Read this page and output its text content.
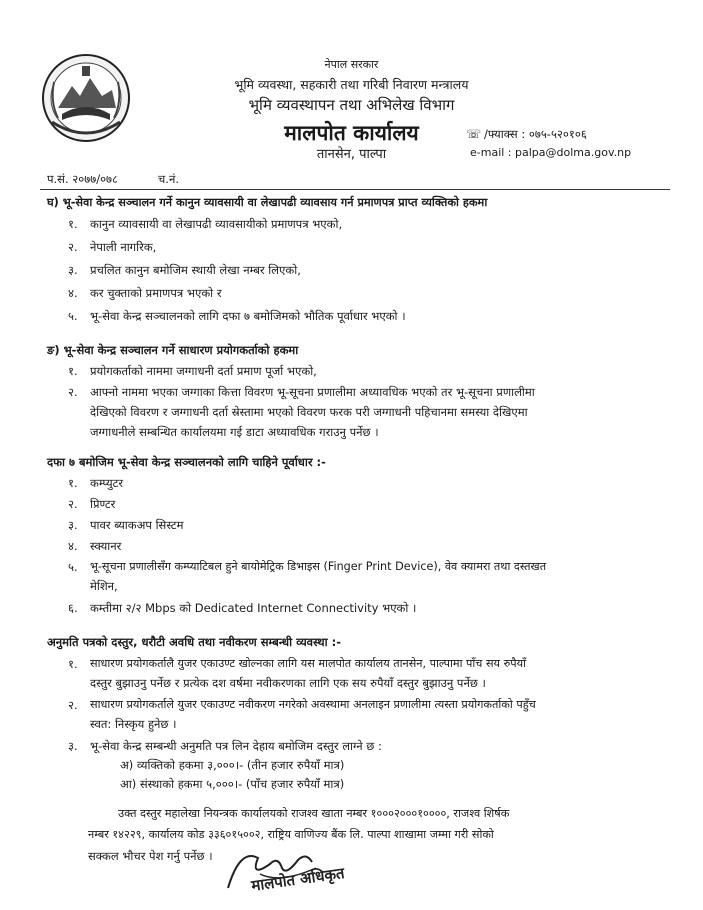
नेपाल सरकार
भूमि व्यवस्था, सहकारी तथा गरिबी निवारण मन्त्रालय
भूमि व्यवस्थापन तथा अभिलेख विभाग
मालपोत कार्यालय
तानसेन, पाल्पा
☏ /फ्याक्स : ०७५-५२०१०६
e-mail : palpa@dolma.gov.np
प.सं. २०७७/०७८	च.नं.
घ) भू-सेवा केन्द्र सञ्चालन गर्ने कानुन व्यावसायी वा लेखापढी व्यावसाय गर्न प्रमाणपत्र प्राप्त व्यक्तिको हकमा
१. कानुन व्यावसायी वा लेखापढी व्यावसायीको प्रमाणपत्र भएको,
२. नेपाली नागरिक,
३. प्रचलित कानुन बमोजिम स्थायी लेखा नम्बर लिएको,
४. कर चुक्ताको प्रमाणपत्र भएको र
५. भू-सेवा केन्द्र सञ्चालनको लागि दफा ७ बमोजिमको भौतिक पूर्वाधार भएको ।
ङ) भू-सेवा केन्द्र सञ्चालन गर्ने साधारण प्रयोगकर्ताको हकमा
१. प्रयोगकर्ताको नाममा जग्गाधनी दर्ता प्रमाण पूर्जा भएको,
२. आफ्नो नाममा भएका जग्गाका कित्ता विवरण भू-सूचना प्रणालीमा अध्यावधिक भएको तर भू-सूचना प्रणालीमा
देखिएको विवरण र जग्गाधनी दर्ता स्रेस्तामा भएको विवरण फरक परी जग्गाधनी पहिचानमा समस्या देखिएमा
जग्गाधनीले सम्बन्धित कार्यालयमा गई डाटा अध्यावधिक गराउनु पर्नेछ ।
दफा ७ बमोजिम भू-सेवा केन्द्र सञ्चालनको लागि चाहिने पूर्वाधार :-
१. कम्प्युटर
२. प्रिण्टर
३. पावर ब्याकअप सिस्टम
४. स्क्यानर
५. भू-सूचना प्रणालीसँग कम्प्याटिबल हुने बायोमेट्रिक डिभाइस (Finger Print Device), वेव क्यामरा तथा दस्तखत
मेशिन,
६. कम्तीमा २/२ Mbps को Dedicated Internet Connectivity भएको ।
अनुमति पत्रको दस्तुर, धरौटी अवधि तथा नवीकरण सम्बन्धी व्यवस्था :-
१. साधारण प्रयोगकर्तालै युजर एकाउण्ट खोल्नका लागि यस मालपोत कार्यालय तानसेन, पाल्पामा पाँच सय रुपैयाँ
दस्तुर बुझाउनु पर्नेछ र प्रत्येक दश वर्षमा नवीकरणका लागि एक सय रुपैयाँ दस्तुर बुझाउनु पर्नेछ ।
२. साधारण प्रयोगकर्ताले युजर एकाउण्ट नवीकरण नगरेको अवस्थामा अनलाइन प्रणालीमा त्यस्ता प्रयोगकर्ताको पहुँच
स्वत: निस्कृय हुनेछ ।
३. भू-सेवा केन्द्र सम्बन्धी अनुमति पत्र लिन देहाय बमोजिम दस्तुर लाग्ने छ :
अ) व्यक्तिको हकमा ३,०००।- (तीन हजार रुपैयाँ मात्र)
आ) संस्थाको हकमा ५,०००।- (पाँच हजार रुपैयाँ मात्र)
उक्त दस्तुर महालेखा नियन्त्रक कार्यालयको राजश्व खाता नम्बर १०००२०००१००००, राजश्व शिर्षक
नम्बर १४२२९, कार्यालय कोड ३३६०१५००२, राष्ट्रिय वाणिज्य बैंक लि. पाल्पा शाखामा जम्मा गरी सोको
सक्कल भौचर पेश गर्नु पर्नेछ ।
मालपोत अधिकृत
